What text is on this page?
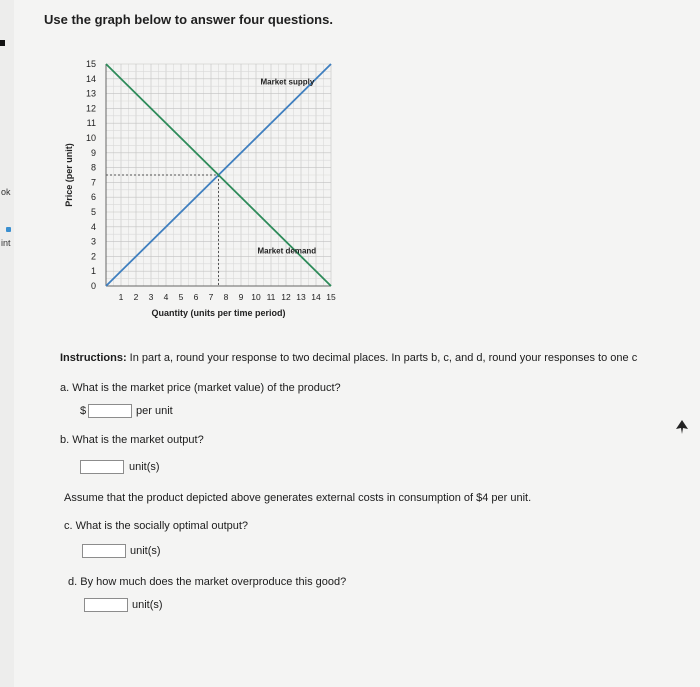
ok
int
Use the graph below to answer four questions.
0
1
2
3
4
5
6
7
8
9
10
11
12
13
14
15
1 2 3 4 5 6 7 8 9 10 11 12 13 14 15
Price (per unit)
Quantity (units per time period)
Market supply
Market demand
Instructions: In part a, round your response to two decimal places. In parts b, c, and d, round your responses to one c
a. What is the market price (market value) of the product?
$	per unit
b. What is the market output?
unit(s)
Assume that the product depicted above generates external costs in consumption of $4 per unit.
c. What is the socially optimal output?
unit(s)
d. By how much does the market overproduce this good?
unit(s)
